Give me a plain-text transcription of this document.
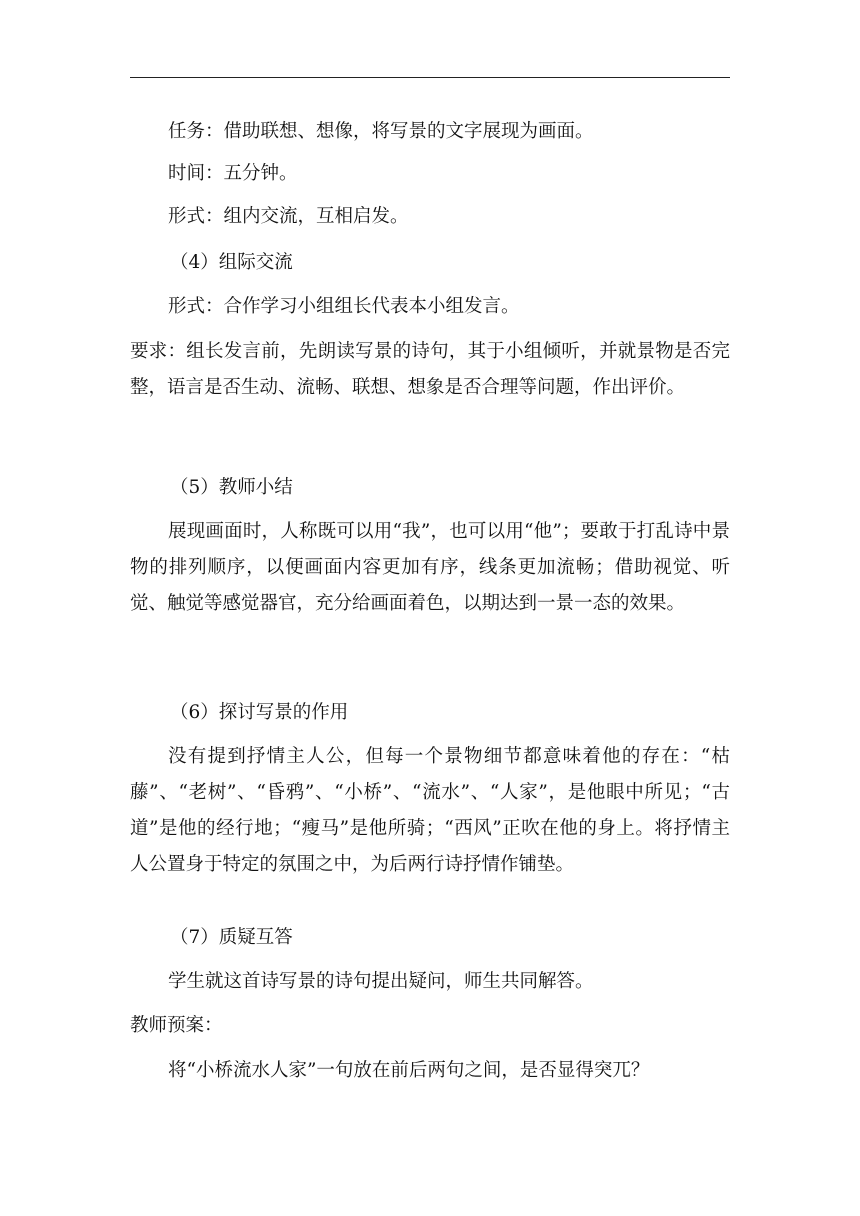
任务：借助联想、想像，将写景的文字展现为画面。

时间：五分钟。

形式：组内交流，互相启发。

（4）组际交流

形式：合作学习小组组长代表本小组发言。

要求：组长发言前，先朗读写景的诗句，其于小组倾听，并就景物是否完整，语言是否生动、流畅、联想、想象是否合理等问题，作出评价。

（5）教师小结

展现画面时，人称既可以用“我”，也可以用“他”；要敢于打乱诗中景物的排列顺序，以便画面内容更加有序，线条更加流畅；借助视觉、听觉、触觉等感觉器官，充分给画面着色，以期达到一景一态的效果。

（6）探讨写景的作用

没有提到抒情主人公，但每一个景物细节都意味着他的存在：“枯藤”、“老树”、“昏鸦”、“小桥”、“流水”、“人家”，是他眼中所见；“古道”是他的经行地；“瘦马”是他所骑；“西风”正吹在他的身上。将抒情主人公置身于特定的氛围之中，为后两行诗抒情作铺垫。

（7）质疑互答

学生就这首诗写景的诗句提出疑问，师生共同解答。

教师预案：

将“小桥流水人家”一句放在前后两句之间，是否显得突兀？
